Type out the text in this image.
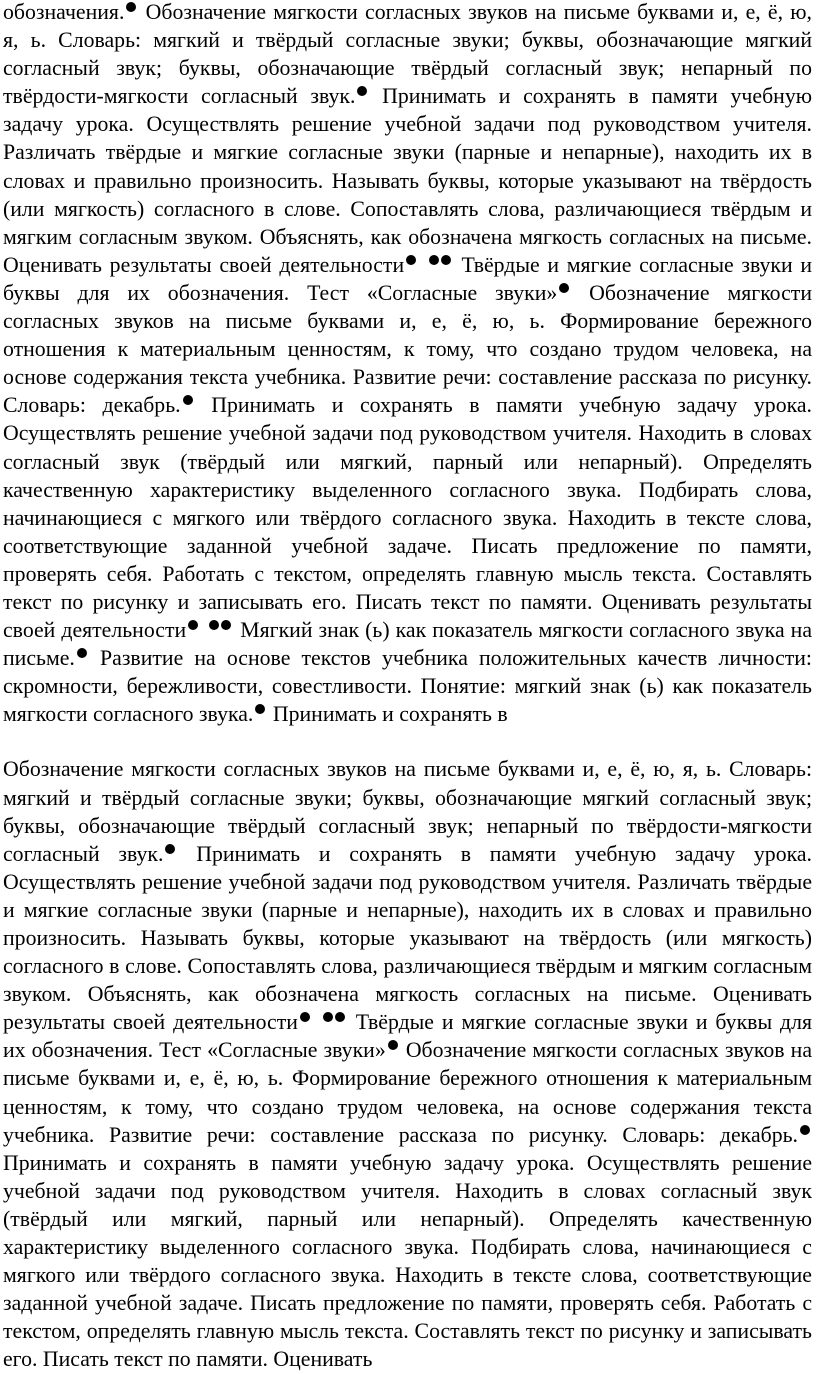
обозначения. Обозначение мягкости согласных звуков на письме буквами и, е, ё, ю, я, ь. Словарь: мягкий и твёрдый согласные звуки; буквы, обозначающие мягкий согласный звук; буквы, обозначающие твёрдый согласный звук; непарный по твёрдости-мягкости согласный звук. Принимать и сохранять в памяти учебную задачу урока. Осуществлять решение учебной задачи под руководством учителя. Различать твёрдые и мягкие согласные звуки (парные и непарные), находить их в словах и правильно произносить. Называть буквы, которые указывают на твёрдость (или мягкость) согласного в слове. Сопоставлять слова, различающиеся твёрдым и мягким согласным звуком. Объяснять, как обозначена мягкость согласных на письме. Оценивать результаты своей деятельности	Твёрдые и мягкие согласные звуки и буквы для их обозначения. Тест «Согласные звуки» Обозначение мягкости согласных звуков на письме буквами и, е, ё, ю, ь. Формирование бережного отношения к материальным ценностям, к тому, что создано трудом человека, на основе содержания текста учебника. Развитие речи: составление рассказа по рисунку. Словарь: декабрь. Принимать и сохранять в памяти учебную задачу урока. Осуществлять решение учебной задачи под руководством учителя. Находить в словах согласный звук (твёрдый или мягкий, парный или непарный). Определять качественную характеристику выделенного согласного звука. Подбирать слова, начинающиеся с мягкого или твёрдого согласного звука. Находить в тексте слова, соответствующие заданной учебной задаче. Писать предложение по памяти, проверять себя. Работать с текстом, определять главную мысль текста. Составлять текст по рисунку и записывать его. Писать текст по памяти. Оценивать результаты своей деятельности Мягкий знак (ь) как показатель мягкости согласного звука на письме. Развитие на основе текстов учебника положительных качеств личности: скромности, бережливости, совестливости. Понятие: мягкий знак (ь) как показатель мягкости согласного звука. Принимать и сохранять в

Обозначение мягкости согласных звуков на письме буквами и, е, ё, ю, я, ь. Словарь: мягкий и твёрдый согласные звуки; буквы, обозначающие мягкий согласный звук; буквы, обозначающие твёрдый согласный звук; непарный по твёрдости-мягкости согласный звук. Принимать и сохранять в памяти учебную задачу урока. Осуществлять решение учебной задачи под руководством учителя. Различать твёрдые и мягкие согласные звуки (парные и непарные), находить их в словах и правильно произносить. Называть буквы, которые указывают на твёрдость (или мягкость) согласного в слове. Сопоставлять слова, различающиеся твёрдым и мягким согласным звуком. Объяснять, как обозначена мягкость согласных на письме. Оценивать результаты своей деятельности	Твёрдые и мягкие согласные звуки и буквы для их обозначения. Тест «Согласные звуки» Обозначение мягкости согласных звуков на письме буквами и, е, ё, ю, ь. Формирование бережного отношения к материальным ценностям, к тому, что создано трудом человека, на основе содержания текста учебника. Развитие речи: составление рассказа по рисунку. Словарь: декабрь. Принимать и сохранять в памяти учебную задачу урока. Осуществлять решение учебной задачи под руководством учителя. Находить в словах согласный звук (твёрдый или мягкий, парный или непарный). Определять качественную характеристику выделенного согласного звука. Подбирать слова, начинающиеся с мягкого или твёрдого согласного звука. Находить в тексте слова, соответствующие заданной учебной задаче. Писать предложение по памяти, проверять себя. Работать с текстом, определять главную мысль текста. Составлять текст по рисунку и записывать его. Писать текст по памяти. Оценивать
